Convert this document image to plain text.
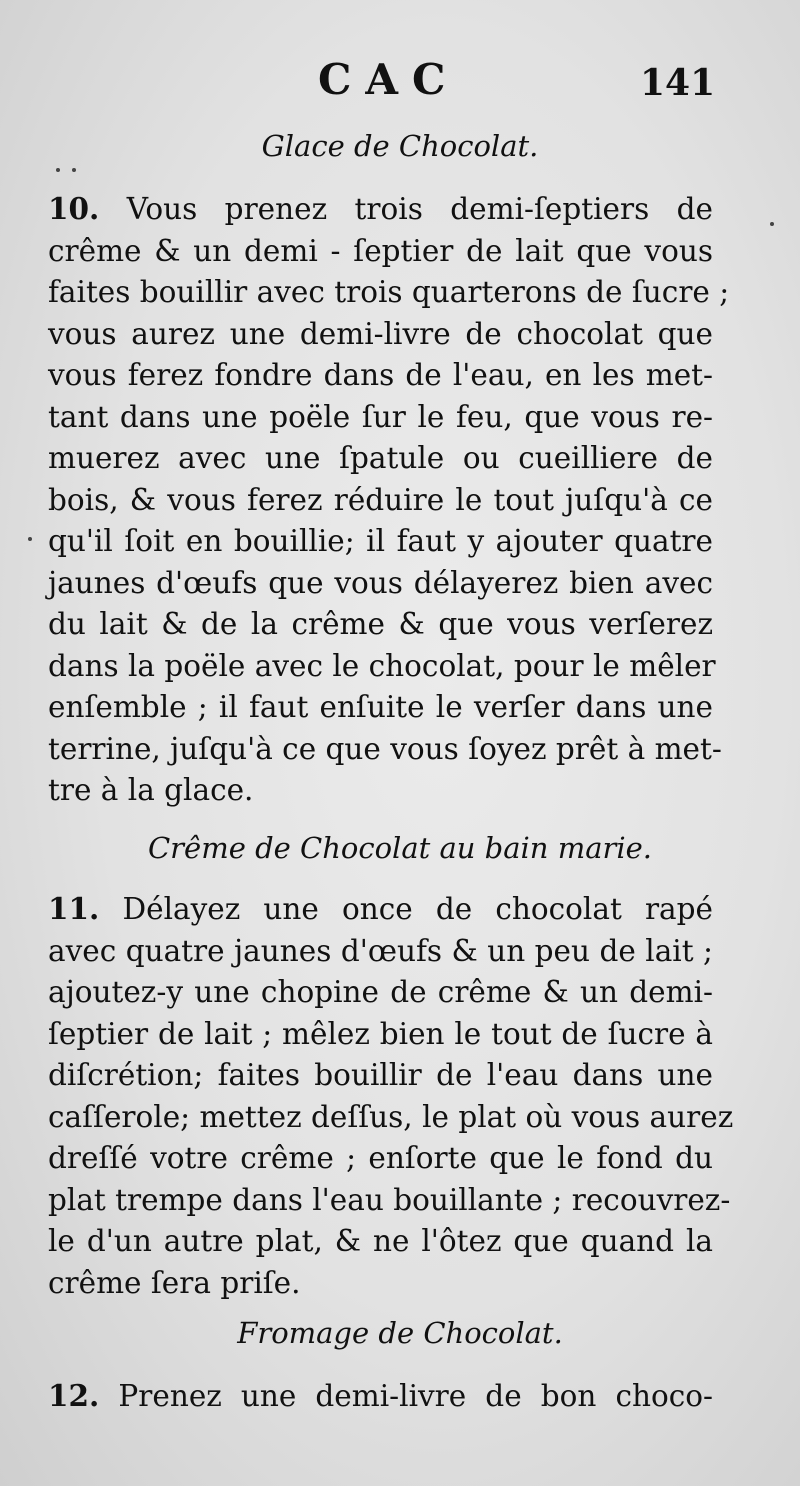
CAC	141
Glace de Chocolat.
10. Vous prenez trois demi-ſeptiers de
crême & un demi - ſeptier de lait que vous
faites bouillir avec trois quarterons de ſucre ;
vous aurez une demi-livre de chocolat que
vous ferez fondre dans de l'eau, en les met-
tant dans une poële ſur le feu, que vous re-
muerez avec une ſpatule ou cueilliere de
bois, & vous ferez réduire le tout juſqu'à ce
qu'il ſoit en bouillie; il faut y ajouter quatre
jaunes d'œufs que vous délayerez bien avec
du lait & de la crême & que vous verſerez
dans la poële avec le chocolat, pour le mêler
enſemble ; il faut enſuite le verſer dans une
terrine, juſqu'à ce que vous ſoyez prêt à met-
tre à la glace.
Crême de Chocolat au bain marie.
11. Délayez une once de chocolat rapé
avec quatre jaunes d'œufs & un peu de lait ;
ajoutez-y une chopine de crême & un demi-
ſeptier de lait ; mêlez bien le tout de ſucre à
diſcrétion; faites bouillir de l'eau dans une
caſſerole; mettez deſſus, le plat où vous aurez
dreſſé votre crême ; enſorte que le fond du
plat trempe dans l'eau bouillante ; recouvrez-
le d'un autre plat, & ne l'ôtez que quand la
crême ſera priſe.
Fromage de Chocolat.
12. Prenez une demi-livre de bon choco-
